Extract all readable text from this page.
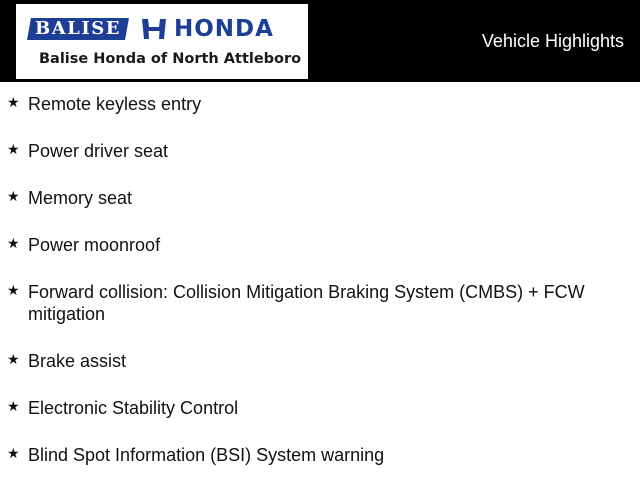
BALISE	HONDA
Balise Honda of North Attleboro
Vehicle Highlights
★ Remote keyless entry
★ Power driver seat
★ Memory seat
★ Power moonroof
★ Forward collision: Collision Mitigation Braking System (CMBS) + FCW mitigation
★ Brake assist
★ Electronic Stability Control
★ Blind Spot Information (BSI) System warning
